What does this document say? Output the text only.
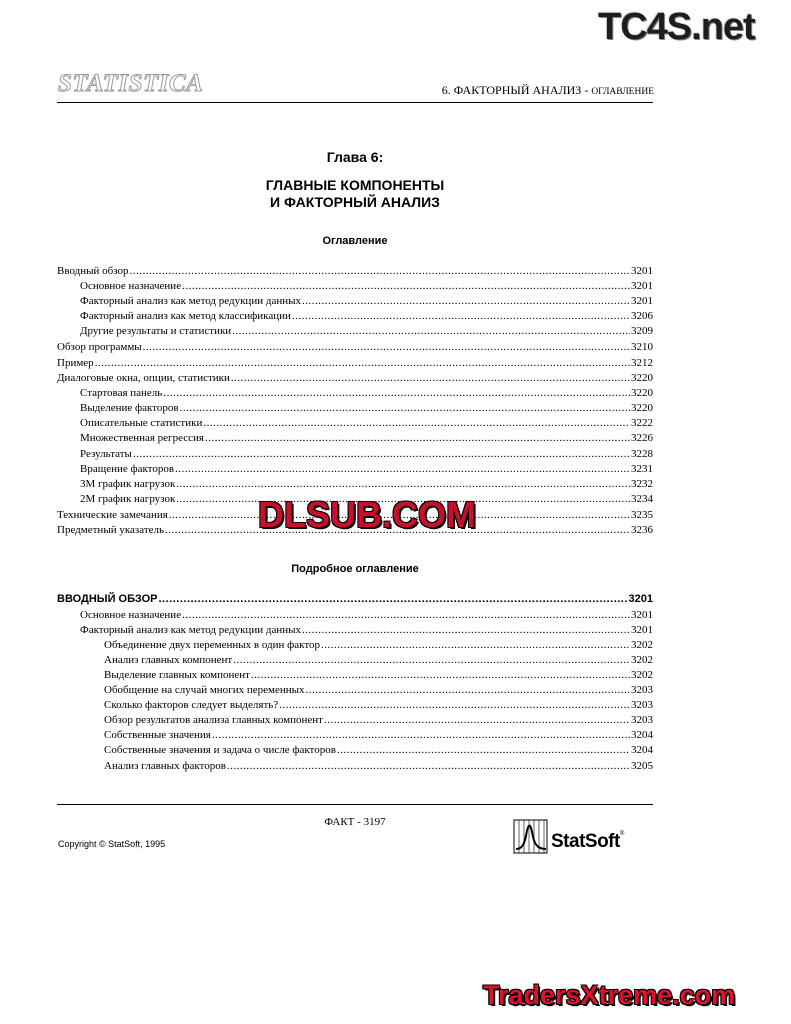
TC4S.net
STATISTICA	6. ФАКТОРНЫЙ АНАЛИЗ - ОГЛАВЛЕНИЕ
Глава 6:
ГЛАВНЫЕ КОМПОНЕНТЫ
И ФАКТОРНЫЙ АНАЛИЗ
Оглавление
Вводный обзор .....	3201
Основное назначение .....	3201
Факторный анализ как метод редукции данных .....	3201
Факторный анализ как метод классификации .....	3206
Другие результаты и статистики .....	3209
Обзор программы .....	3210
Пример .....	3212
Диалоговые окна, опции, статистики .....	3220
Стартовая панель .....	3220
Выделение факторов .....	3220
Описательные статистики .....	3222
Множественная регрессия .....	3226
Результаты .....	3228
Вращение факторов .....	3231
3М график нагрузок .....	3232
2М график нагрузок .....	3234
Технические замечания .....	3235
Предметный указатель .....	3236
DLSUB.COM
Подробное оглавление
ВВОДНЫЙ ОБЗОР .....	3201
Основное назначение .....	3201
Факторный анализ как метод редукции данных .....	3201
Объединение двух переменных в один фактор .....	3202
Анализ главных компонент .....	3202
Выделение главных компонент .....	3202
Обобщение на случай многих переменных .....	3203
Сколько факторов следует выделять? .....	3203
Обзор результатов анализа главных компонент .....	3203
Собственные значения .....	3204
Собственные значения и задача о числе факторов .....	3204
Анализ главных факторов .....	3205
ФАКТ - 3197
Copyright © StatSoft, 1995	StatSoft®
TradersXtreme.com
